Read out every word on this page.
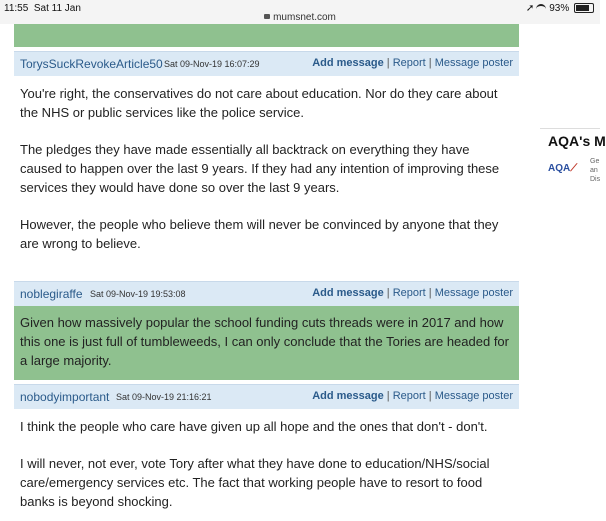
11:55 Sat 11 Jan
mumsnet.com
➚ 93%
TorysSuckRevokeArticle50 Sat 09-Nov-19 16:07:29	Add message | Report | Message poster

You're right, the conservatives do not care about education. Nor do they care about the NHS or public services like the police service.

The pledges they have made essentially all backtrack on everything they have caused to happen over the last 9 years. If they had any intention of improving these services they would have done so over the last 9 years.

However, the people who believe them will never be convinced by anyone that they are wrong to believe.

noblegiraffe Sat 09-Nov-19 19:53:08	Add message | Report | Message poster

Given how massively popular the school funding cuts threads were in 2017 and how this one is just full of tumbleweeds, I can only conclude that the Tories are headed for a large majority.

nobodyimportant Sat 09-Nov-19 21:16:21	Add message | Report | Message poster

I think the people who care have given up all hope and the ones that don't - don't.

I will never, not ever, vote Tory after what they have done to education/NHS/social care/emergency services etc. The fact that working people have to resort to food banks is beyond shocking.

AQA's M
AQA⟋
Ge
an
Dis
